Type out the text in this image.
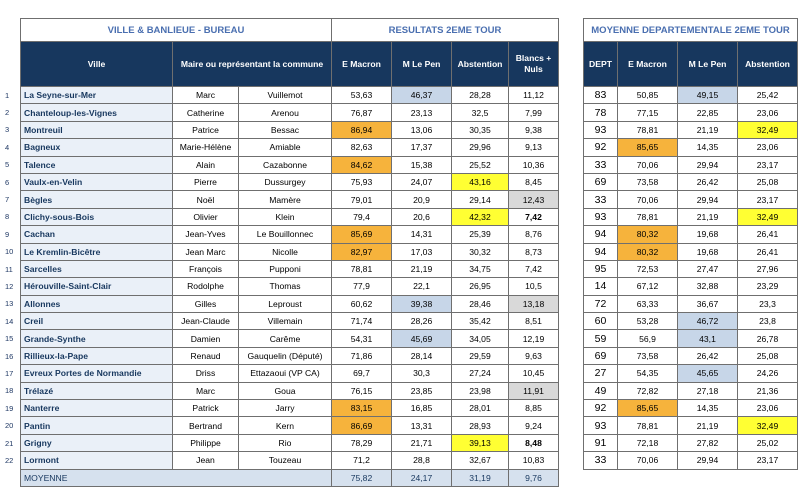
	VILLE & BANLIEUE - BUREAU			RESULTATS 2EME TOUR			
	Ville	Maire ou représentant la commune		E Macron	M Le Pen	Abstention	Blancs + Nuls
1	La Seyne-sur-Mer	Marc	Vuillemot	53,63	46,37	28,28	11,12
2	Chanteloup-les-Vignes	Catherine	Arenou	76,87	23,13	32,5	7,99
3	Montreuil	Patrice	Bessac	86,94	13,06	30,35	9,38
4	Bagneux	Marie-Hélène	Amiable	82,63	17,37	29,96	9,13
5	Talence	Alain	Cazabonne	84,62	15,38	25,52	10,36
6	Vaulx-en-Velin	Pierre	Dussurgey	75,93	24,07	43,16	8,45
7	Bègles	Noël	Mamère	79,01	20,9	29,14	12,43
8	Clichy-sous-Bois	Olivier	Klein	79,4	20,6	42,32	7,42
9	Cachan	Jean-Yves	Le Bouillonnec	85,69	14,31	25,39	8,76
10	Le Kremlin-Bicêtre	Jean Marc	Nicolle	82,97	17,03	30,32	8,73
11	Sarcelles	François	Pupponi	78,81	21,19	34,75	7,42
12	Hérouville-Saint-Clair	Rodolphe	Thomas	77,9	22,1	26,95	10,5
13	Allonnes	Gilles	Leproust	60,62	39,38	28,46	13,18
14	Creil	Jean-Claude	Villemain	71,74	28,26	35,42	8,51
15	Grande-Synthe	Damien	Carême	54,31	45,69	34,05	12,19
16	Rillieux-la-Pape	Renaud	Gauquelin (Député)	71,86	28,14	29,59	9,63
17	Evreux Portes de Normandie	Driss	Ettazaoui (VP CA)	69,7	30,3	27,24	10,45
18	Trélazé	Marc	Goua	76,15	23,85	23,98	11,91
19	Nanterre	Patrick	Jarry	83,15	16,85	28,01	8,85
20	Pantin	Bertrand	Kern	86,69	13,31	28,93	9,24
21	Grigny	Philippe	Rio	78,29	21,71	39,13	8,48
22	Lormont	Jean	Touzeau	71,2	28,8	32,67	10,83
	MOYENNE			75,82	24,17	31,19	9,76
MOYENNE DEPARTEMENTALE 2EME TOUR			
DEPT	E Macron	M Le Pen	Abstention
83	50,85	49,15	25,42
78	77,15	22,85	23,06
93	78,81	21,19	32,49
92	85,65	14,35	23,06
33	70,06	29,94	23,17
69	73,58	26,42	25,08
33	70,06	29,94	23,17
93	78,81	21,19	32,49
94	80,32	19,68	26,41
94	80,32	19,68	26,41
95	72,53	27,47	27,96
14	67,12	32,88	23,29
72	63,33	36,67	23,3
60	53,28	46,72	23,8
59	56,9	43,1	26,78
69	73,58	26,42	25,08
27	54,35	45,65	24,26
49	72,82	27,18	21,36
92	85,65	14,35	23,06
93	78,81	21,19	32,49
91	72,18	27,82	25,02
33	70,06	29,94	23,17
